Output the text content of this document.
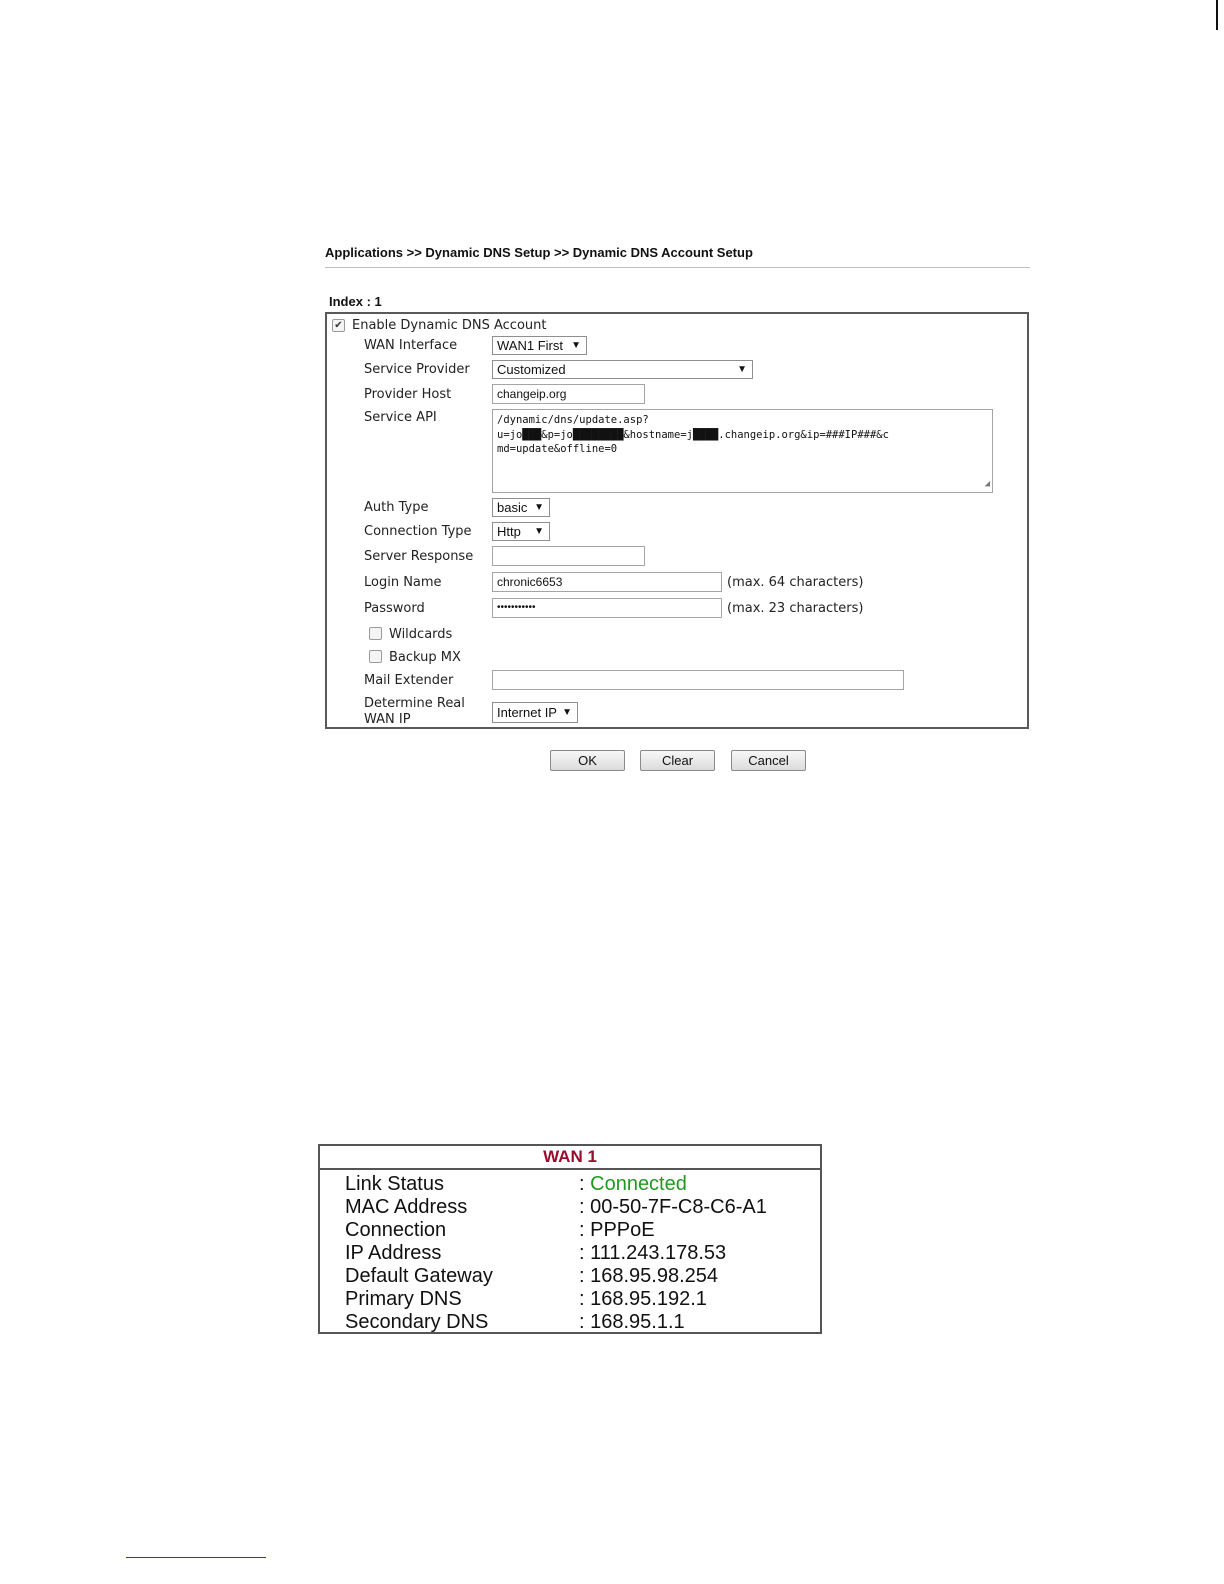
Applications >> Dynamic DNS Setup >> Dynamic DNS Account Setup
Index : 1
✔ Enable Dynamic DNS Account
WAN Interface	WAN1 First ▼
Service Provider	Customized	▼
Provider Host	changeip.org
Service API	/dynamic/dns/update.asp?
u=jo███&p=jo████████&hostname=j████.changeip.org&ip=###IP###&c
md=update&offline=0
◢
Auth Type	basic ▼
Connection Type	Http ▼
Server Response
Login Name	chronic6653	(max. 64 characters)
Password	•••••••••••	(max. 23 characters)
Wildcards
Backup MX
Mail Extender
Determine Real
WAN IP	Internet IP ▼
OK	Clear	Cancel
WAN 1
Link Status	: Connected
MAC Address	: 00-50-7F-C8-C6-A1
Connection	: PPPoE
IP Address	: 111.243.178.53
Default Gateway	: 168.95.98.254
Primary DNS	: 168.95.192.1
Secondary DNS	: 168.95.1.1
